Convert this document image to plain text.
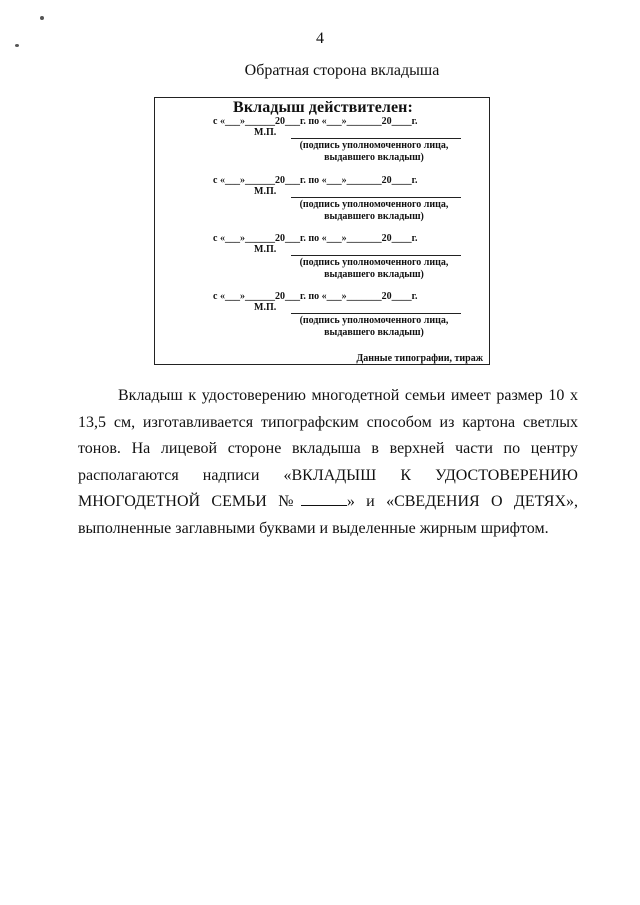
4
Обратная сторона вкладыша
Вкладыш действителен:
с «___»______20___г. по «___»_______20____г.
М.П.
(подпись уполномоченного лица,
выдавшего вкладыш)
с «___»______20___г. по «___»_______20____г.
М.П.
(подпись уполномоченного лица,
выдавшего вкладыш)
с «___»______20___г. по «___»_______20____г.
М.П.
(подпись уполномоченного лица,
выдавшего вкладыш)
с «___»______20___г. по «___»_______20____г.
М.П.
(подпись уполномоченного лица,
выдавшего вкладыш)
Данные типографии, тираж

Вкладыш к удостоверению многодетной семьи имеет размер 10 х 13,5 см, изготавливается типографским способом из картона светлых тонов. На лицевой стороне вкладыша в верхней части по центру располагаются надписи «ВКЛАДЫШ К УДОСТОВЕРЕНИЮ МНОГОДЕТНОЙ СЕМЬИ №	» и «СВЕДЕНИЯ О ДЕТЯХ», выполненные заглавными буквами и выделенные жирным шрифтом.
